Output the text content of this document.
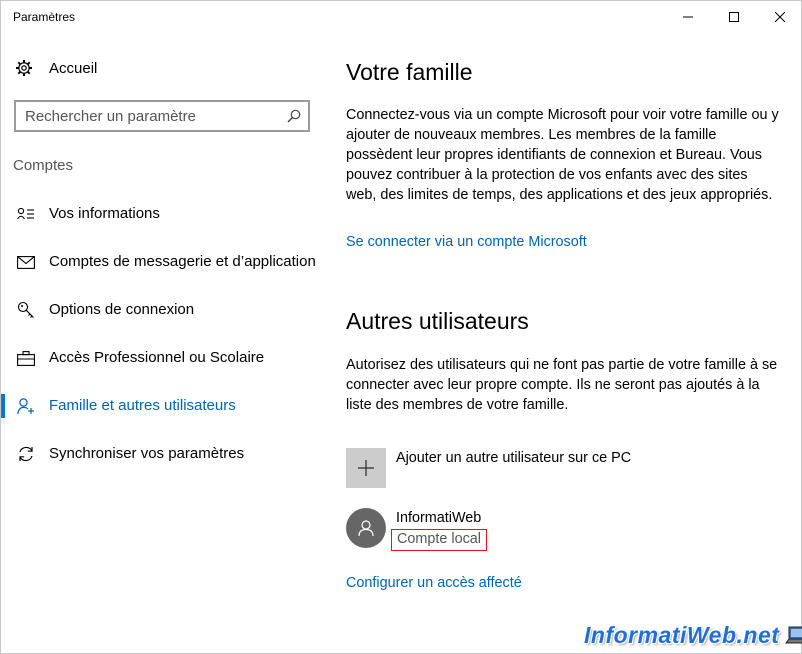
Paramètres
Accueil
Rechercher un paramètre
Comptes
Vos informations
Comptes de messagerie et d’application
Options de connexion
Accès Professionnel ou Scolaire
Famille et autres utilisateurs
Synchroniser vos paramètres
Votre famille

Connectez-vous via un compte Microsoft pour voir votre famille ou y ajouter de nouveaux membres. Les membres de la famille possèdent leur propres identifiants de connexion et Bureau. Vous pouvez contribuer à la protection de vos enfants avec des sites web, des limites de temps, des applications et des jeux appropriés.

Se connecter via un compte Microsoft
Autres utilisateurs

Autorisez des utilisateurs qui ne font pas partie de votre famille à se connecter avec leur propre compte. Ils ne seront pas ajoutés à la liste des membres de votre famille.

Ajouter un autre utilisateur sur ce PC
InformatiWeb
Compte local
Configurer un accès affecté
InformatiWeb.net
